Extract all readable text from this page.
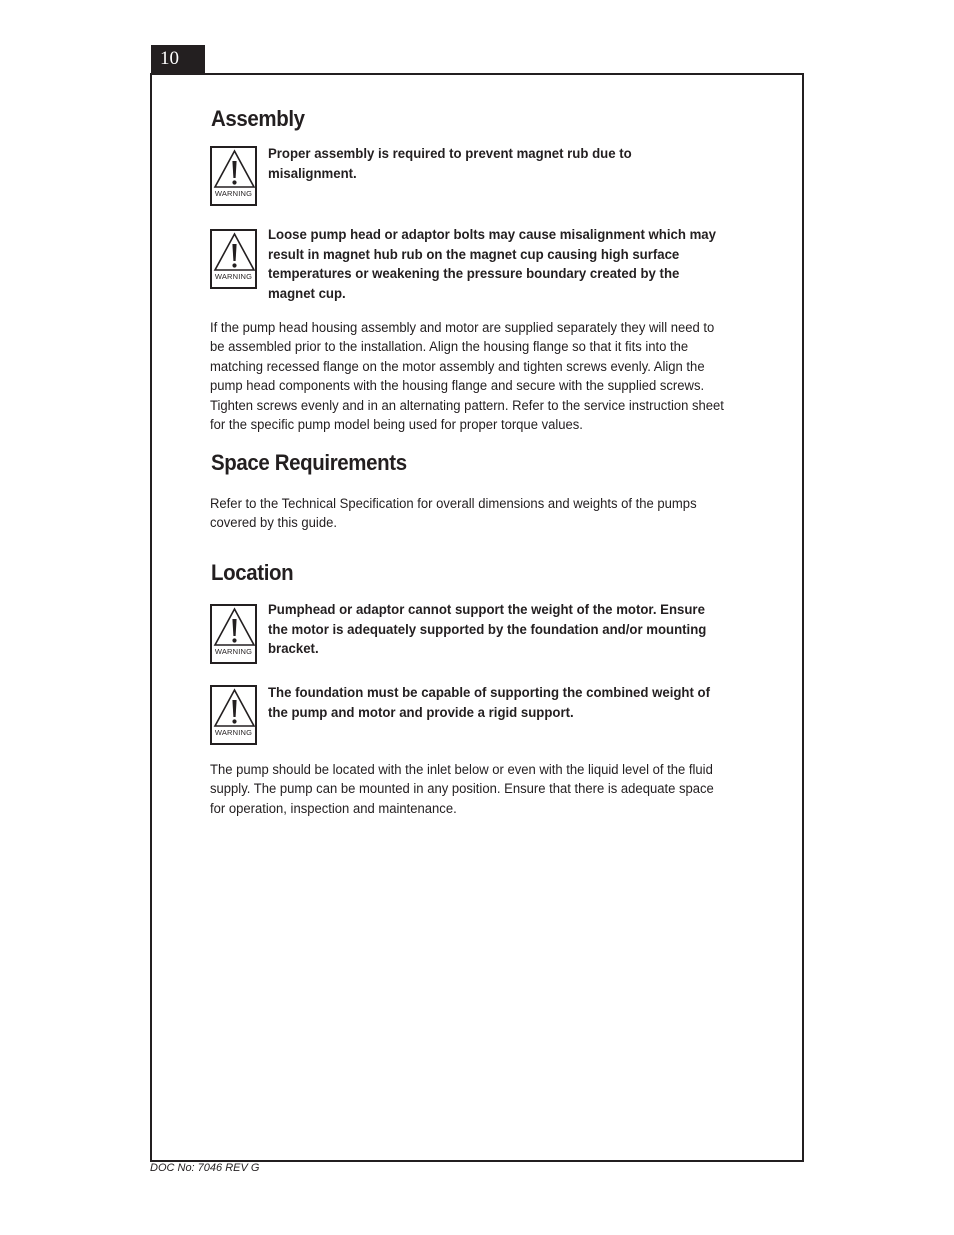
10
Assembly
WARNING

Proper assembly is required to prevent magnet rub due to misalignment.

WARNING

Loose pump head or adaptor bolts may cause misalignment which may result in magnet hub rub on the magnet cup causing high surface temperatures or weakening the pressure boundary created by the magnet cup.

If the pump head housing assembly and motor are supplied separately they will need to be assembled prior to the installation. Align the housing flange so that it fits into the matching recessed flange on the motor assembly and tighten screws evenly. Align the pump head components with the housing flange and secure with the supplied screws. Tighten screws evenly and in an alternating pattern. Refer to the service instruction sheet for the specific pump model being used for proper torque values.

Space Requirements

Refer to the Technical Specification for overall dimensions and weights of the pumps covered by this guide.

Location
WARNING

Pumphead or adaptor cannot support the weight of the motor. Ensure the motor is adequately supported by the foundation and/or mounting bracket.

WARNING

The foundation must be capable of supporting the combined weight of the pump and motor and provide a rigid support.

The pump should be located with the inlet below or even with the liquid level of the fluid supply. The pump can be mounted in any position. Ensure that there is adequate space for operation, inspection and maintenance.

DOC No: 7046 REV G
